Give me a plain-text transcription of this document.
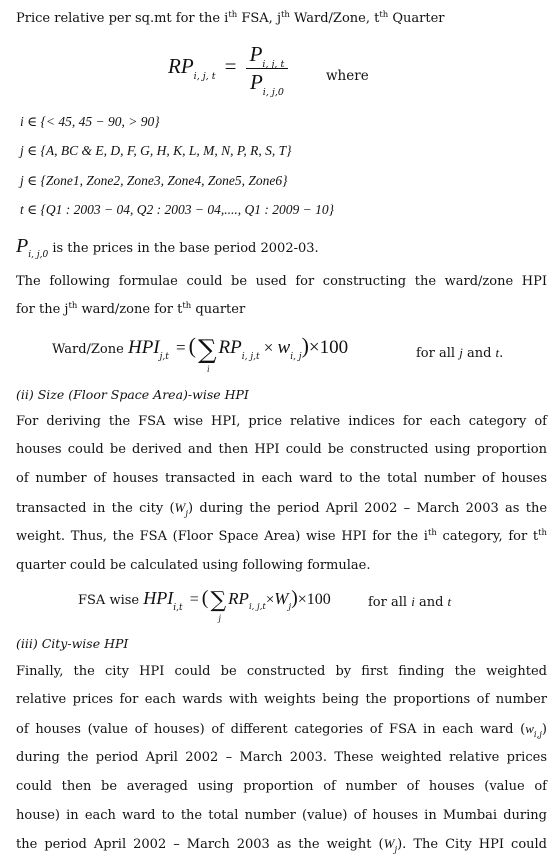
Price relative per sq.mt for the $i^{th}$ FSA, $j^{th}$ Ward/Zone, $t^{th}$ Quarter
$RP_{i, j, t} = \frac{P_{i, j, t}}{P_{i, j,0}}$	where
i ∈ {< 45, 45 − 90, > 90}
j ∈ {A, BC & E, D, F, G, H, K, L, M, N, P, R, S, T}
j ∈ {Zone1, Zone2, Zone3, Zone4, Zone5, Zone6}
t ∈ {Q1 : 2003 − 04, Q2 : 2003 − 04,...., Q1 : 2009 − 10}
$P_{i, j,0}$ is the prices in the base period 2002-03.
The following formulae could be used for constructing the ward/zone HPI
for the $j^{th}$ ward/zone for $t^{th}$ quarter
Ward/Zone $HPI_{j,t}$ = (∑
i
$RP_{i, j,t} \times w_{i, j})\times 100$	for all j and t.
(ii) Size (Floor Space Area)-wise HPI
For deriving the FSA wise HPI, price relative indices for each category of
houses could be derived and then HPI could be constructed using proportion
of number of houses transacted in each ward to the total number of houses
transacted in the city $(W_j)$ during the period April 2002 – March 2003 as the
weight. Thus, the FSA (Floor Space Area) wise HPI for the $i^{th}$ category, for $t^{th}$
quarter could be calculated using following formulae.
FSA wise $HPI_{i,t}$ = (∑
j
$RP_{i, j,t}\times W_j)\times 100$	for all i and t
(iii) City-wise HPI
Finally, the city HPI could be constructed by first finding the weighted
relative prices for each wards with weights being the proportions of number
of houses (value of houses) of different categories of FSA in each ward $(w_{i,j})$
during the period April 2002 – March 2003. These weighted relative prices
could then be averaged using proportion of number of houses (value of
house) in each ward to the total number (value) of houses in Mumbai during
the period April 2002 – March 2003 as the weight $(W_j)$. The City HPI could
